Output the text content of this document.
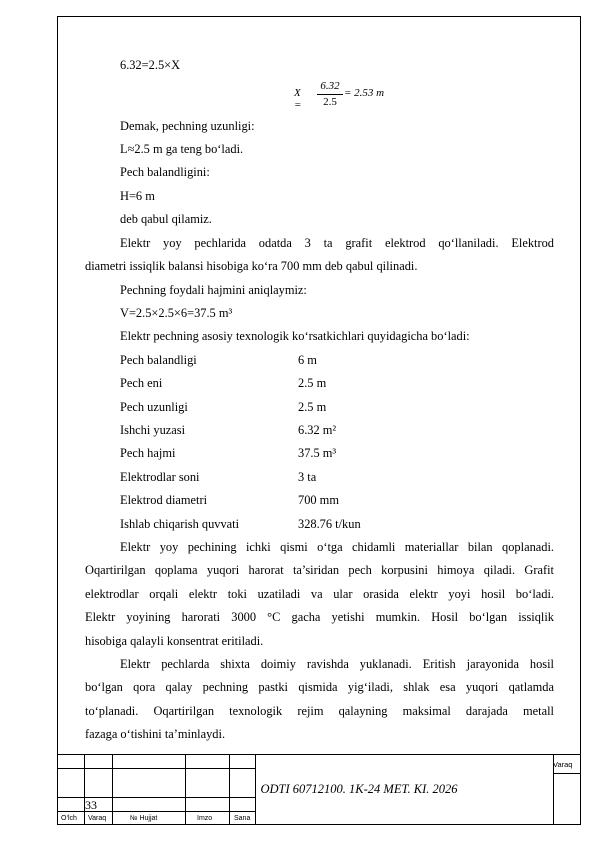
6.32=2.5×X
X =
6.32
2.5
= 2.53 m
Demak, pechning uzunligi:
L≈2.5 m ga teng bo‘ladi.
Pech balandligini:
H=6 m
deb qabul qilamiz.
Elektr yoy pechlarida odatda 3 ta grafit elektrod qo‘llaniladi. Elektrod
diametri issiqlik balansi hisobiga ko‘ra 700 mm deb qabul qilinadi.
Pechning foydali hajmini aniqlaymiz:
V=2.5×2.5×6=37.5 m³
Elektr pechning asosiy texnologik ko‘rsatkichlari quyidagicha bo‘ladi:
Pech balandligi	6 m
Pech eni	2.5 m
Pech uzunligi	2.5 m
Ishchi yuzasi	6.32 m²
Pech hajmi	37.5 m³
Elektrodlar soni	3 ta
Elektrod diametri	700 mm
Ishlab chiqarish quvvati	328.76 t/kun
Elektr yoy pechining ichki qismi o‘tga chidamli materiallar bilan qoplanadi.
Oqartirilgan qoplama yuqori harorat ta’siridan pech korpusini himoya qiladi. Grafit
elektrodlar orqali elektr toki uzatiladi va ular orasida elektr yoyi hosil bo‘ladi.
Elektr yoyining harorati 3000 °C gacha yetishi mumkin. Hosil bo‘lgan issiqlik
hisobiga qalayli konsentrat eritiladi.
Elektr pechlarda shixta doimiy ravishda yuklanadi. Eritish jarayonida hosil
bo‘lgan qora qalay pechning pastki qismida yig‘iladi, shlak esa yuqori qatlamda
to‘planadi. Oqartirilgan texnologik rejim qalayning maksimal darajada metall
fazaga o‘tishini ta’minlaydi.
33
ODTI 60712100. 1K-24 MET. KI. 2026
Varaq
O‘lch Varaq	№ Hujjat	Imzo	Sana
